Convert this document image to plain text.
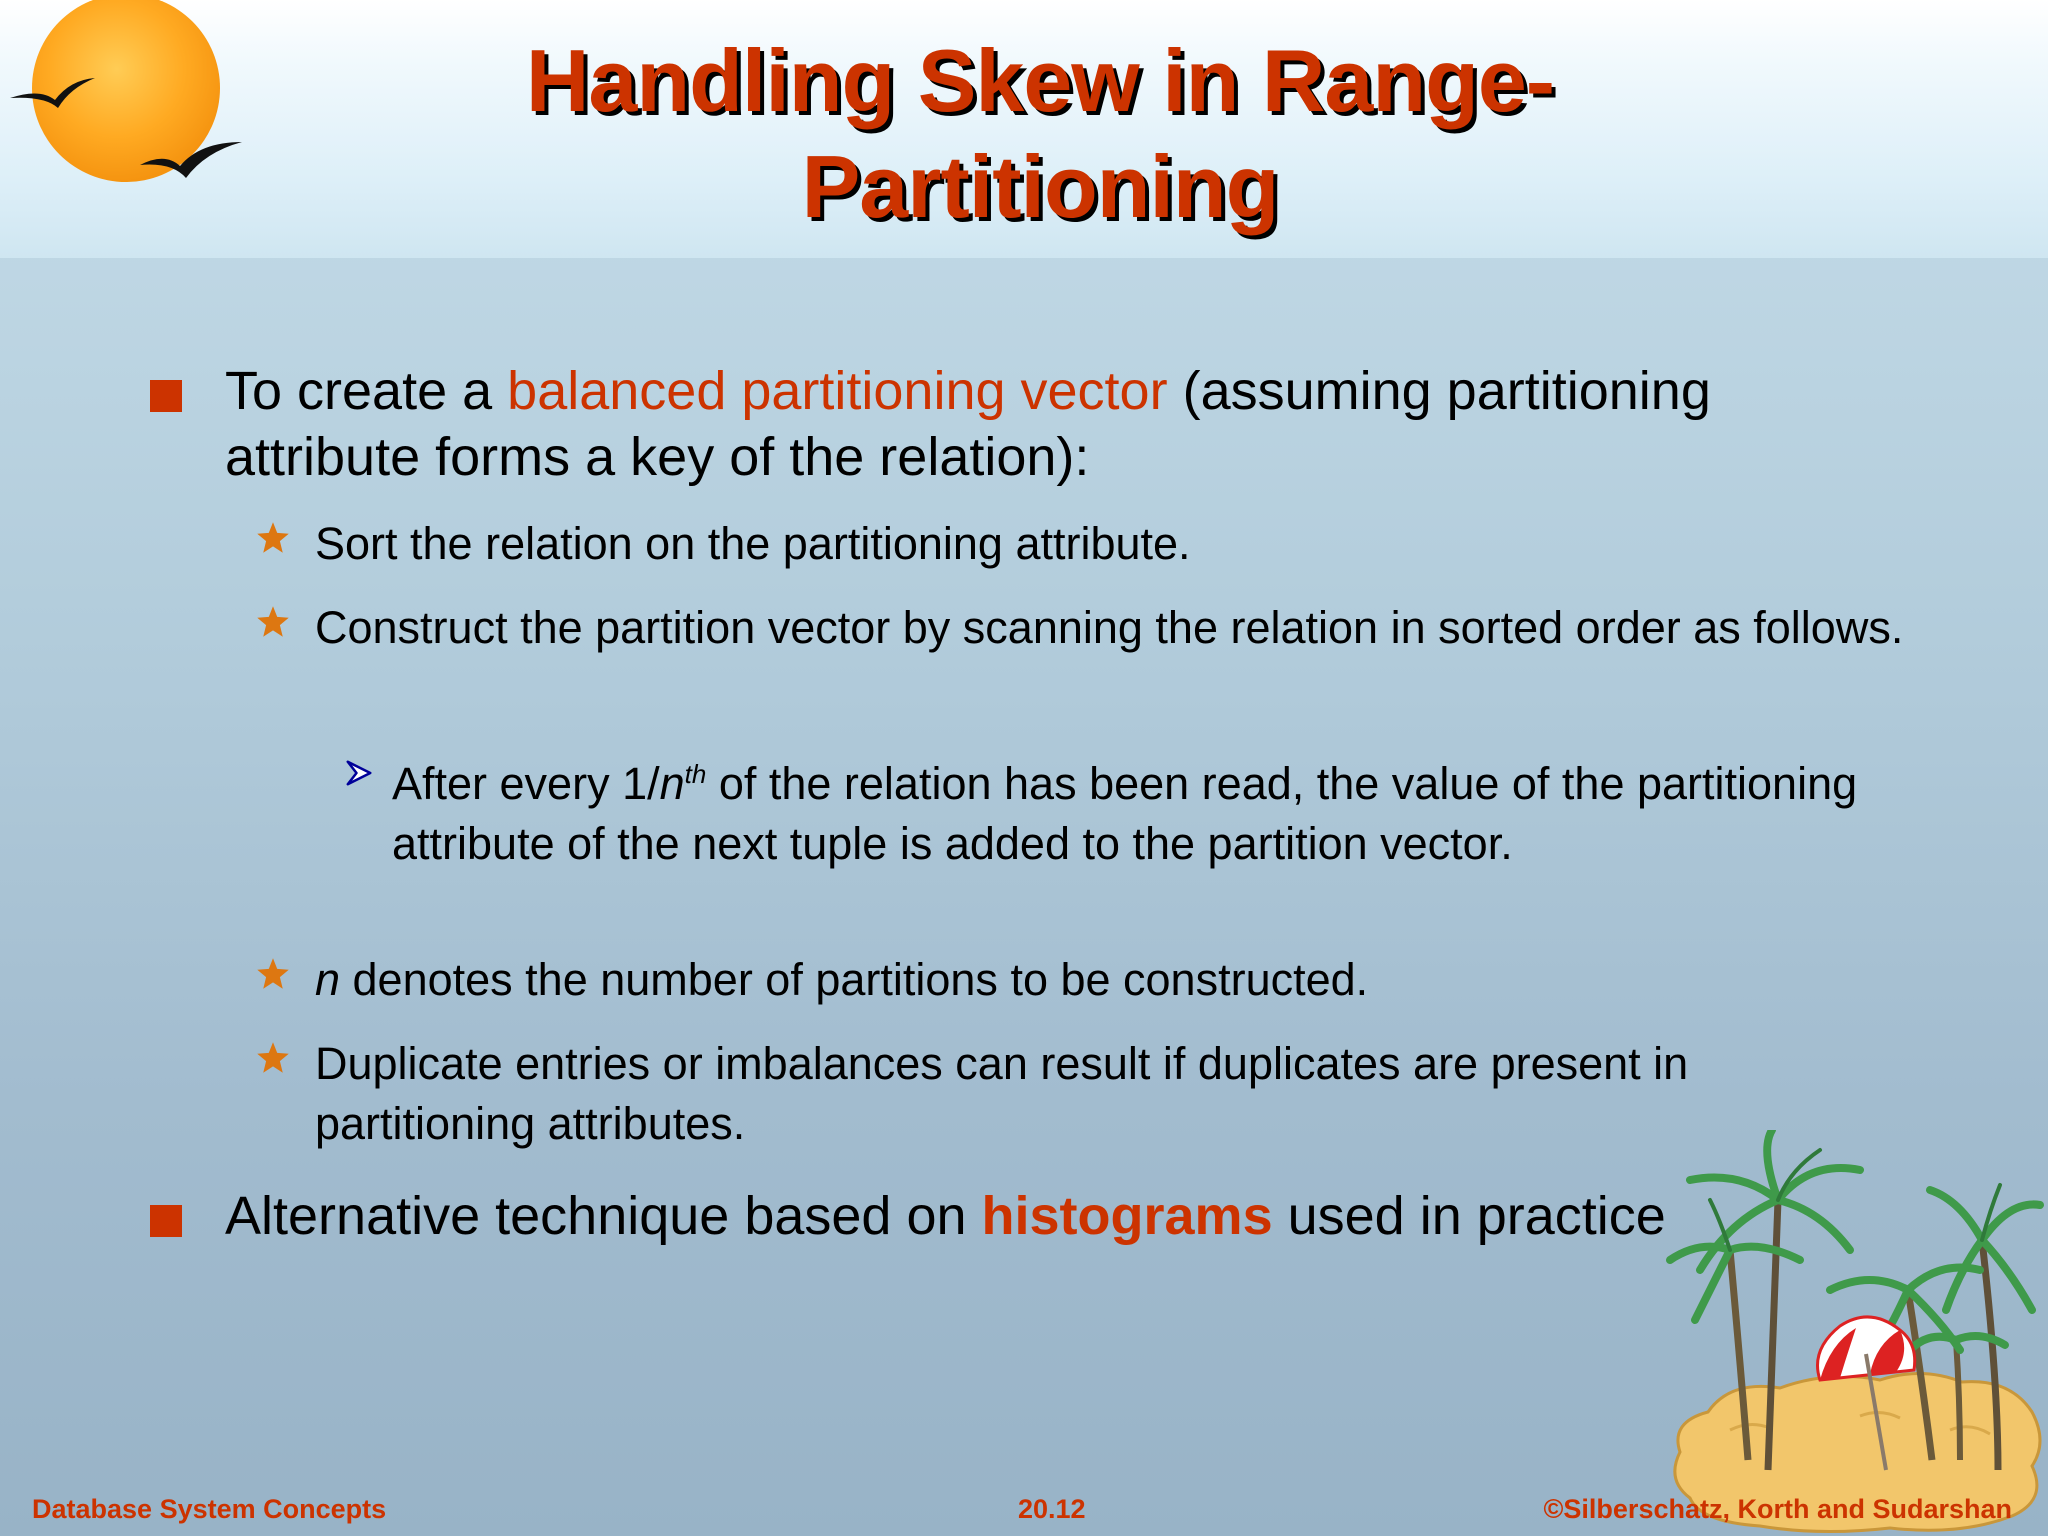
Handling Skew in Range-Partitioning
To create a balanced partitioning vector (assuming partitioning attribute forms a key of the relation):
Sort the relation on the partitioning attribute.
Construct the partition vector by scanning the relation in sorted order as follows.
After every $1/n^{th}$ of the relation has been read, the value of the partitioning attribute of the next tuple is added to the partition vector.
n denotes the number of partitions to be constructed.
Duplicate entries or imbalances can result if duplicates are present in partitioning attributes.
Alternative technique based on histograms used in practice
Database System Concepts	20.12	©Silberschatz, Korth and Sudarshan
